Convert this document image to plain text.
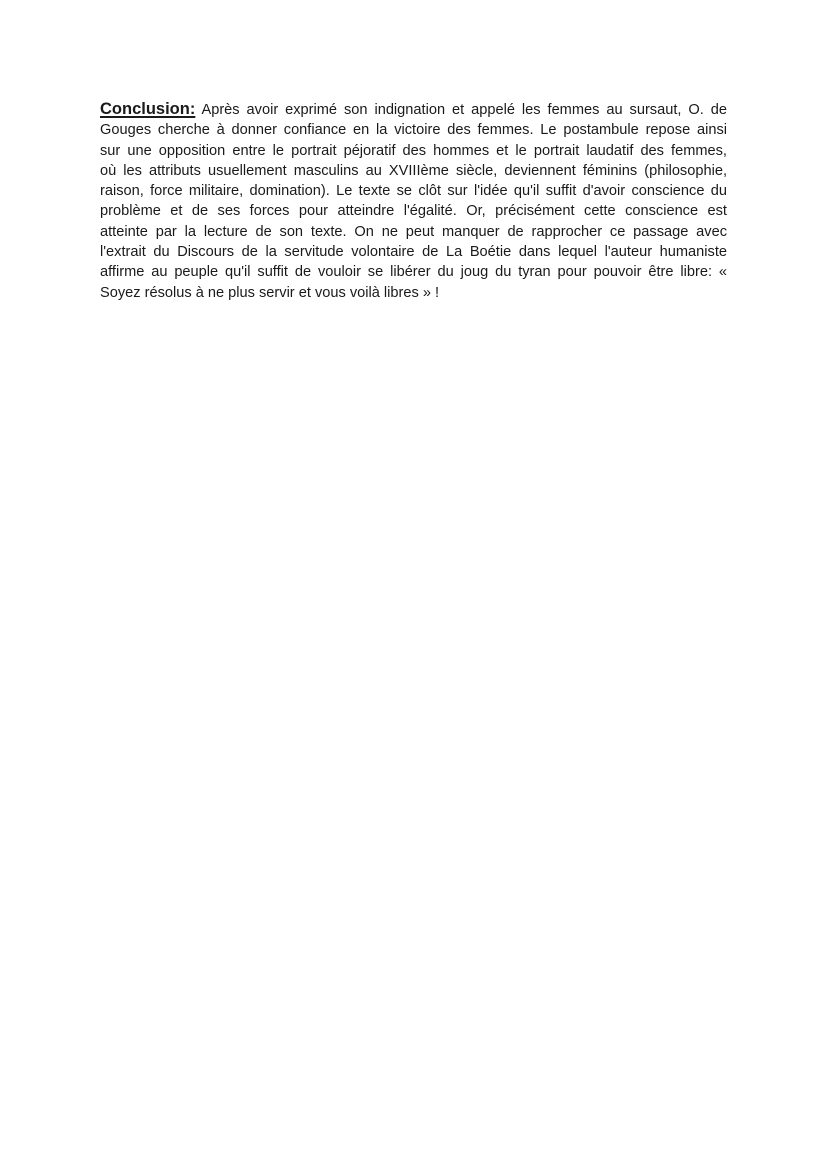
Conclusion: Après avoir exprimé son indignation et appelé les femmes au sursaut, O. de
Gouges cherche à donner confiance en la victoire des femmes. Le postambule repose ainsi
sur une opposition entre le portrait péjoratif des hommes et le portrait laudatif des femmes,
où les attributs usuellement masculins au XVIIIème siècle, deviennent féminins (philosophie,
raison, force militaire, domination). Le texte se clôt sur l'idée qu'il suffit d'avoir conscience du
problème et de ses forces pour atteindre l'égalité. Or, précisément cette conscience est
atteinte par la lecture de son texte. On ne peut manquer de rapprocher ce passage avec
l'extrait du Discours de la servitude volontaire de La Boétie dans lequel l'auteur humaniste
affirme au peuple qu'il suffit de vouloir se libérer du joug du tyran pour pouvoir être libre: «
Soyez résolus à ne plus servir et vous voilà libres » !
